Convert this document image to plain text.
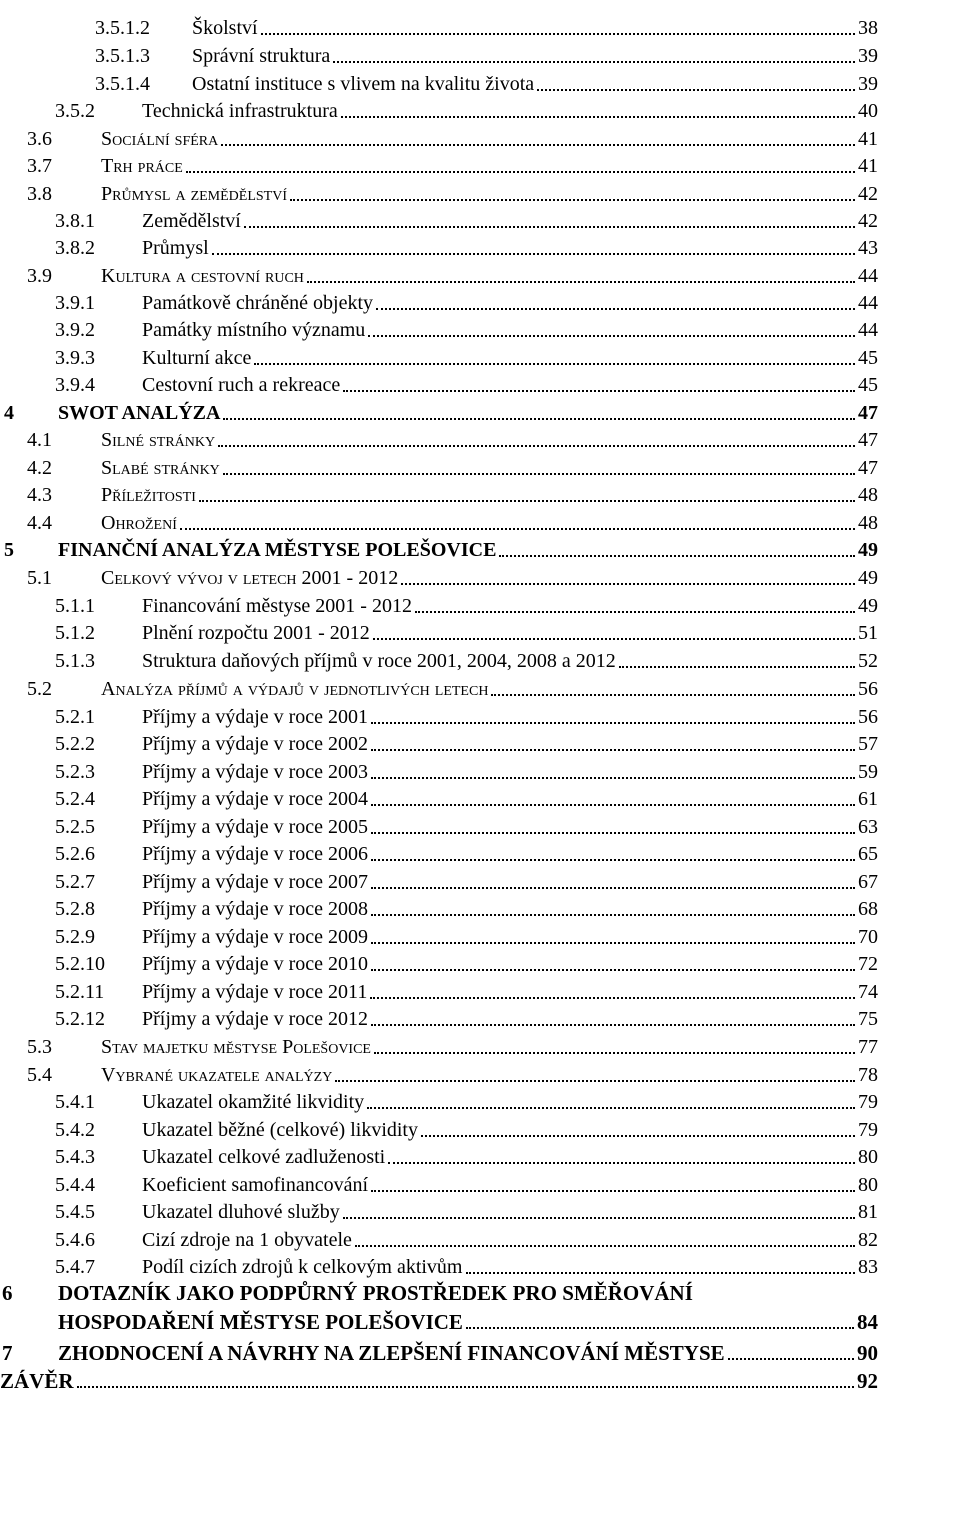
3.5.1.2 Školství	38
3.5.1.3 Správní struktura	39
3.5.1.4 Ostatní instituce s vlivem na kvalitu života	39
3.5.2 Technická infrastruktura	40
3.6 Sociální sféra	41
3.7 Trh práce	41
3.8 Průmysl a zemědělství	42
3.8.1 Zemědělství	42
3.8.2 Průmysl	43
3.9 Kultura a cestovní ruch	44
3.9.1 Památkově chráněné objekty	44
3.9.2 Památky místního významu	44
3.9.3 Kulturní akce	45
3.9.4 Cestovní ruch a rekreace	45
4 SWOT ANALÝZA	47
4.1 Silné stránky	47
4.2 Slabé stránky	47
4.3 Příležitosti	48
4.4 Ohrožení	48
5 FINANČNÍ ANALÝZA MĚSTYSE POLEŠOVICE	49
5.1 Celkový vývoj v letech 2001 - 2012	49
5.1.1 Financování městyse 2001 - 2012	49
5.1.2 Plnění rozpočtu 2001 - 2012	51
5.1.3 Struktura daňových příjmů v roce 2001, 2004, 2008 a 2012	52
5.2 Analýza příjmů a výdajů v jednotlivých letech	56
5.2.1 Příjmy a výdaje v roce 2001	56
5.2.2 Příjmy a výdaje v roce 2002	57
5.2.3 Příjmy a výdaje v roce 2003	59
5.2.4 Příjmy a výdaje v roce 2004	61
5.2.5 Příjmy a výdaje v roce 2005	63
5.2.6 Příjmy a výdaje v roce 2006	65
5.2.7 Příjmy a výdaje v roce 2007	67
5.2.8 Příjmy a výdaje v roce 2008	68
5.2.9 Příjmy a výdaje v roce 2009	70
5.2.10 Příjmy a výdaje v roce 2010	72
5.2.11 Příjmy a výdaje v roce 2011	74
5.2.12 Příjmy a výdaje v roce 2012	75
5.3 Stav majetku městyse Polešovice	77
5.4 Vybrané ukazatele analýzy	78
5.4.1 Ukazatel okamžité likvidity	79
5.4.2 Ukazatel běžné (celkové) likvidity	79
5.4.3 Ukazatel celkové zadluženosti	80
5.4.4 Koeficient samofinancování	80
5.4.5 Ukazatel dluhové služby	81
5.4.6 Cizí zdroje na 1 obyvatele	82
5.4.7 Podíl cizích zdrojů k celkovým aktivům	83
6 DOTAZNÍK JAKO PODPŮRNÝ PROSTŘEDEK PRO SMĚŘOVÁNÍ
HOSPODAŘENÍ MĚSTYSE POLEŠOVICE	84
7 ZHODNOCENÍ A NÁVRHY NA ZLEPŠENÍ FINANCOVÁNÍ MĚSTYSE	90
ZÁVĚR	92
